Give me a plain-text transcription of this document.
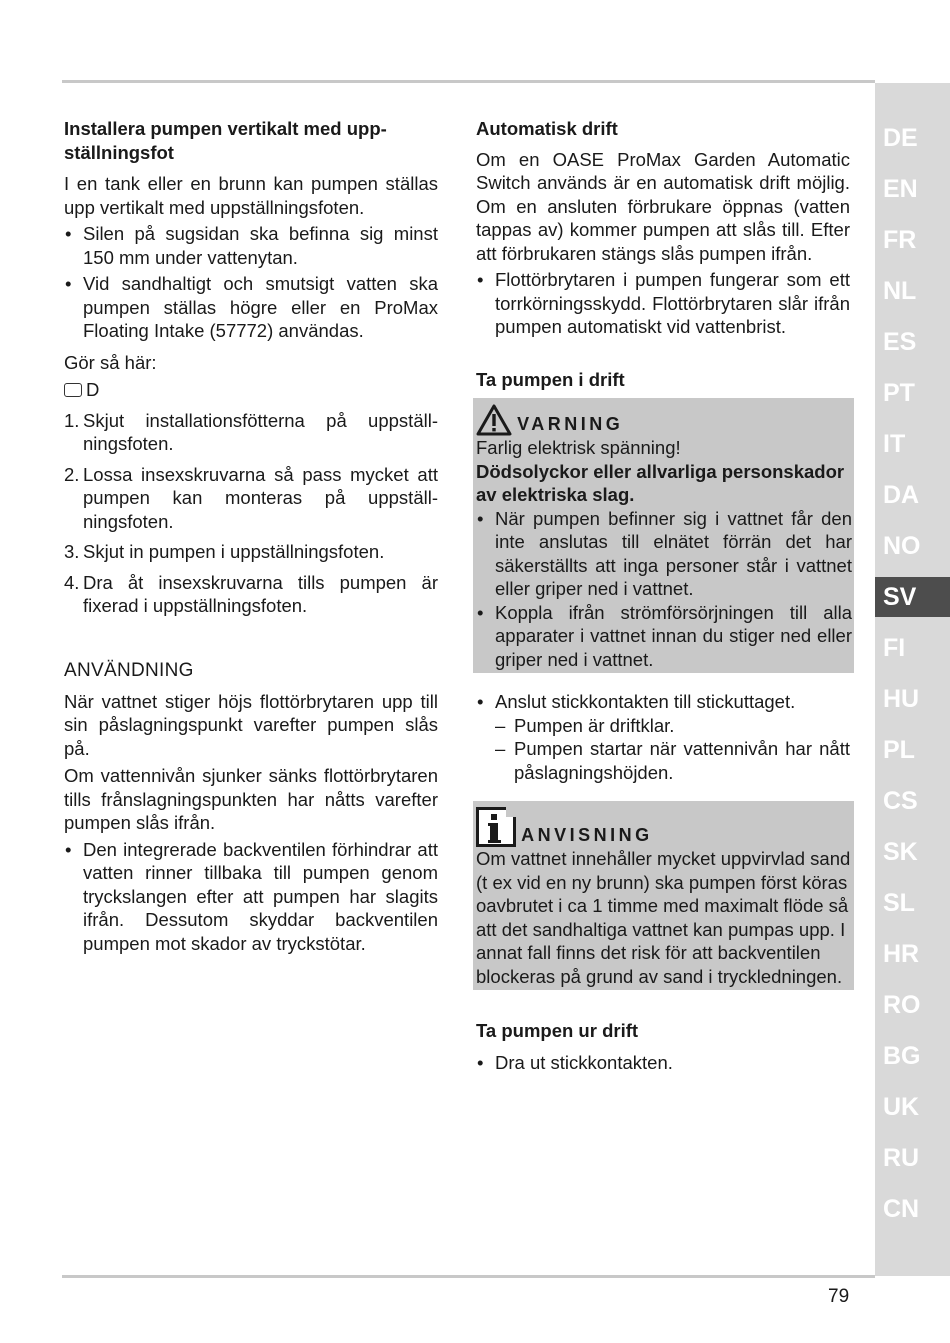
Installera pumpen vertikalt med uppställningsfot

I en tank eller en brunn kan pumpen ställas upp vertikalt med uppställningsfoten.

• Silen på sugsidan ska befinna sig minst 150 mm under vattenytan.
• Vid sandhaltigt och smutsigt vatten ska pumpen ställas högre eller en ProMax Floating Intake (57772) användas.

Gör så här:

D

1. Skjut installationsfötterna på uppställningsfoten.
2. Lossa insexskruvarna så pass mycket att pumpen kan monteras på uppställningsfoten.
3. Skjut in pumpen i uppställningsfoten.
4. Dra åt insexskruvarna tills pumpen är fixerad i uppställningsfoten.
ANVÄNDNING

När vattnet stiger höjs flottörbrytaren upp till sin påslagningspunkt varefter pumpen slås på.

Om vattennivån sjunker sänks flottörbrytaren tills frånslagningspunkten har nåtts varefter pumpen slås ifrån.

• Den integrerade backventilen förhindrar att vatten rinner tillbaka till pumpen genom tryckslangen efter att pumpen har slagits ifrån. Dessutom skyddar backventilen pumpen mot skador av tryckstötar.
Automatisk drift

Om en OASE ProMax Garden Automatic Switch används är en automatisk drift möjlig. Om en ansluten förbrukare öppnas (vatten tappas av) kommer pumpen att slås till. Efter att förbrukaren stängs slås pumpen ifrån.

• Flottörbrytaren i pumpen fungerar som ett torrkörningsskydd. Flottörbrytaren slår ifrån pumpen automatiskt vid vattenbrist.
Ta pumpen i drift
VARNING

Farlig elektrisk spänning!

Dödsolyckor eller allvarliga personskador av elektriska slag.

• När pumpen befinner sig i vattnet får den inte anslutas till elnätet förrän det har säkerställts att inga personer står i vattnet eller griper ned i vattnet.
• Koppla ifrån strömförsörjningen till alla apparater i vattnet innan du stiger ned eller griper ned i vattnet.
• Anslut stickkontakten till stickuttaget.
– Pumpen är driftklar.
– Pumpen startar när vattennivån har nått påslagningshöjden.
ANVISNING

Om vattnet innehåller mycket uppvirvlad sand (t ex vid en ny brunn) ska pumpen först köras oavbrutet i ca 1 timme med maximalt flöde så att det sandhaltiga vattnet kan pumpas upp. I annat fall finns det risk för att backventilen blockeras på grund av sand i tryckledningen.

Ta pumpen ur drift
• Dra ut stickkontakten.
DE
EN
FR
NL
ES
PT
IT
DA
NO
SV
FI
HU
PL
CS
SK
SL
HR
RO
BG
UK
RU
CN
79
